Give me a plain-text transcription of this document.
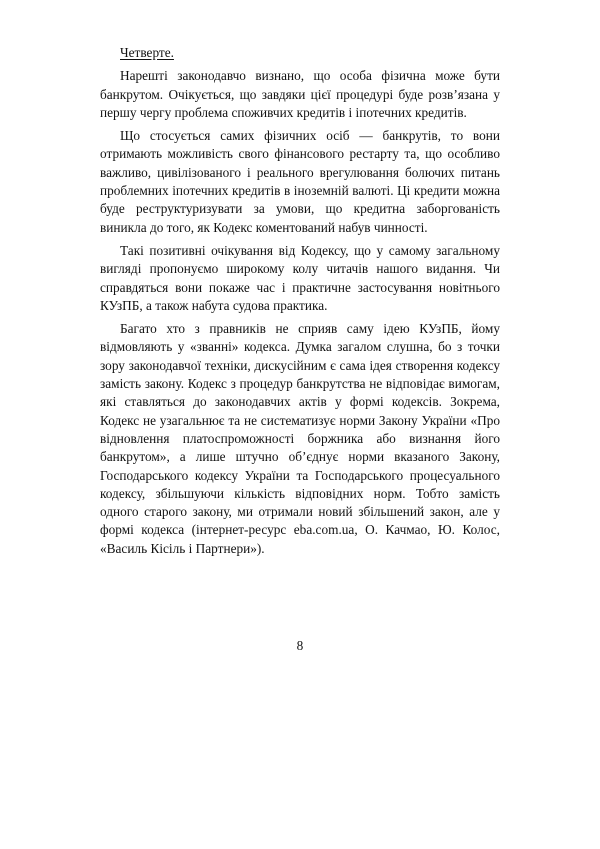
Четверте.

Нарешті законодавчо визнано, що особа фізична може бути банкрутом. Очікується, що завдяки цієї процедурі буде розв’язана у першу чергу проблема споживчих кредитів і іпотечних кредитів.

Що стосується самих фізичних осіб — банкрутів, то вони отримають можливість свого фінансового рестарту та, що особливо важливо, цивілізованого і реального врегулювання болючих питань проблемних іпотечних кредитів в іноземній валюті. Ці кредити можна буде реструктуризувати за умови, що кредитна заборгованість виникла до того, як Кодекс коментований набув чинності.

Такі позитивні очікування від Кодексу, що у самому загальному вигляді пропонуємо широкому колу читачів нашого видання. Чи справдяться вони покаже час і практичне застосування новітнього КУзПБ, а також набута судова практика.

Багато хто з правників не сприяв саму ідею КУзПБ, йому відмовляють у «званні» кодекса. Думка загалом слушна, бо з точки зору законодавчої техніки, дискусійним є сама ідея створення кодексу замість закону. Кодекс з процедур банкрутства не відповідає вимогам, які ставляться до законодавчих актів у формі кодексів. Зокрема, Кодекс не узагальнює та не систематизує норми Закону України «Про відновлення платоспроможності боржника або визнання його банкрутом», а лише штучно об’єднує норми вказаного Закону, Господарського кодексу України та Господарського процесуального кодексу, збільшуючи кількість відповідних норм. Тобто замість одного старого закону, ми отримали новий збільшений закон, але у формі кодекса (інтернет-ресурс eba.com.ua, О. Качмао, Ю. Колос, «Василь Кісіль і Партнери»).

8
